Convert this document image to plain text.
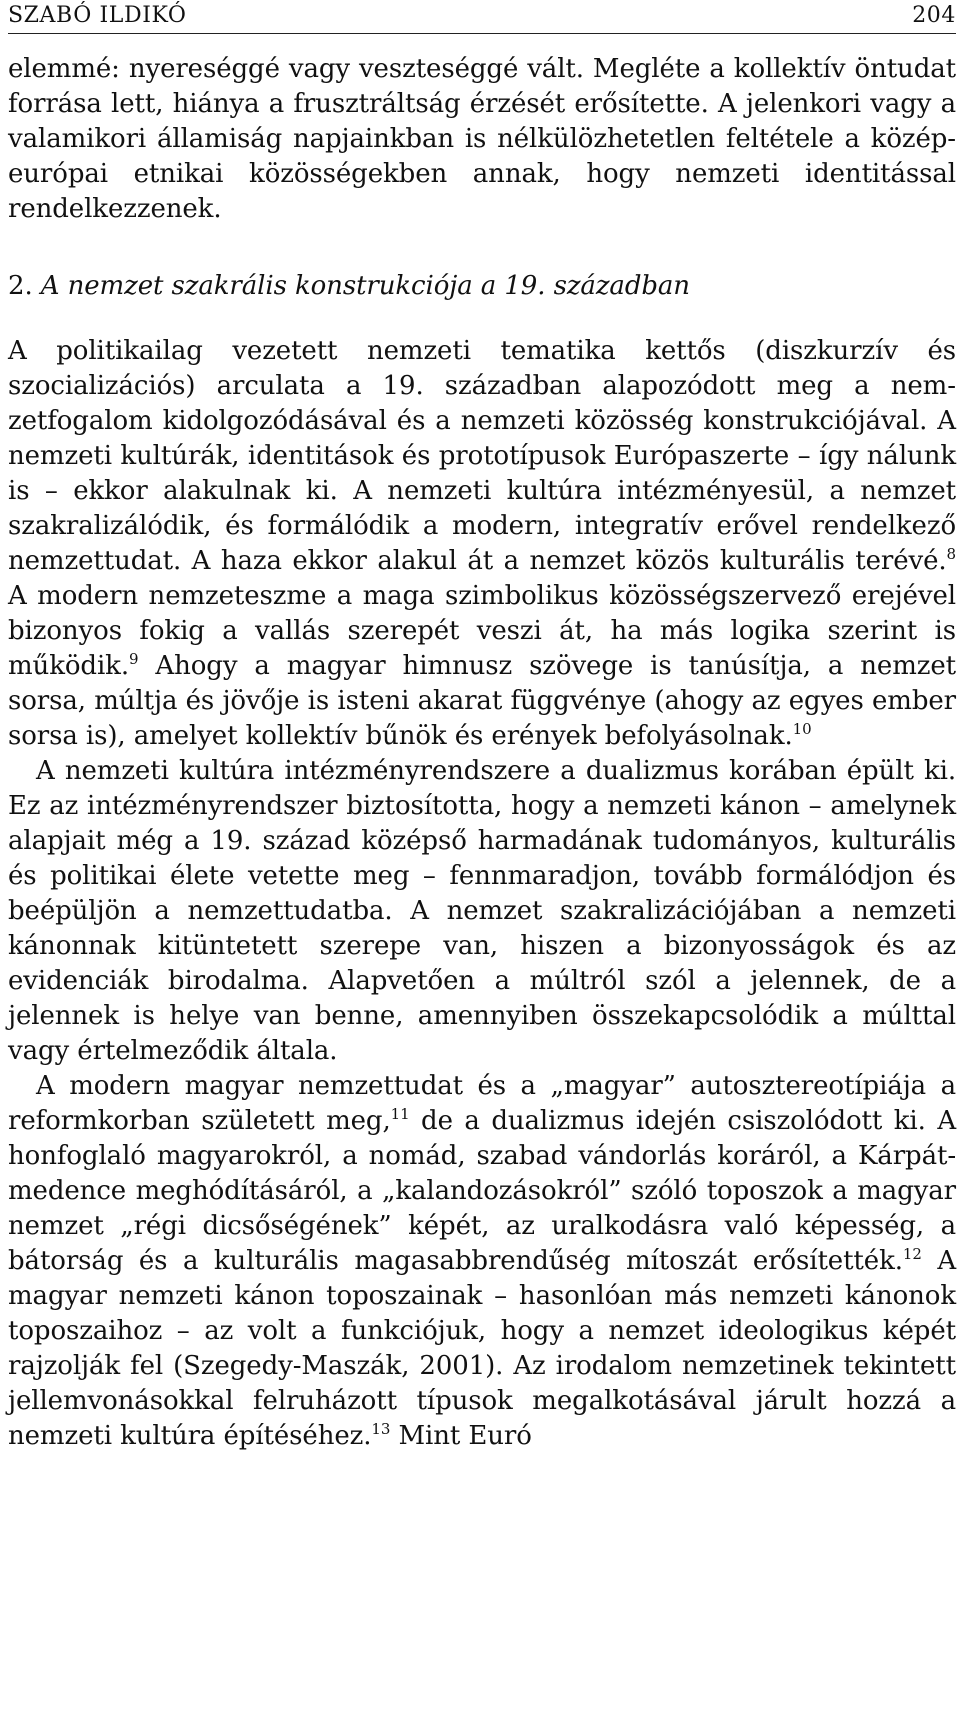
SZABÓ ILDIKÓ	204

elemmé: nyereséggé vagy veszteséggé vált. Megléte a kollektív öntudat forrása lett, hiánya a frusztráltság érzését erősítette. A jelenkori vagy a valamikori államiság napjainkban is nélkülözhetetlen feltétele a közép-európai etnikai közösségekben annak, hogy nemzeti identitással rendelkezzenek.

2. A nemzet szakrális konstrukciója a 19. században

A politikailag vezetett nemzeti tematika kettős (diszkurzív és szocializációs) arculata a 19. században alapozódott meg a nemzetfogalom kidolgozódásával és a nemzeti közösség konstrukciójával. A nemzeti kultúrák, identitások és prototípusok Európaszerte – így nálunk is – ekkor alakulnak ki. A nemzeti kultúra intézményesül, a nemzet szakralizálódik, és formálódik a modern, integratív erővel rendelkező nemzettudat. A haza ekkor alakul át a nemzet közös kulturális terévé.$^8$ A modern nemzeteszme a maga szimbolikus közösségszervező erejével bizonyos fokig a vallás szerepét veszi át, ha más logika szerint is működik.$^9$ Ahogy a magyar himnusz szövege is tanúsítja, a nemzet sorsa, múltja és jövője is isteni akarat függvénye (ahogy az egyes ember sorsa is), amelyet kollektív bűnök és erények befolyásolnak.$^{10}$

A nemzeti kultúra intézményrendszere a dualizmus korában épült ki. Ez az intézményrendszer biztosította, hogy a nemzeti kánon – amelynek alapjait még a 19. század középső harmadának tudományos, kulturális és politikai élete vetette meg – fennmaradjon, tovább formálódjon és beépüljön a nemzettudatba. A nemzet szakralizációjában a nemzeti kánonnak kitüntetett szerepe van, hiszen a bizonyosságok és az evidenciák birodalma. Alapvetően a múltról szól a jelennek, de a jelennek is helye van benne, amennyiben összekapcsolódik a múlttal vagy értelmeződik általa.

A modern magyar nemzettudat és a „magyar” autosztereotípiája a reformkorban született meg,$^{11}$ de a dualizmus idején csiszolódott ki. A honfoglaló magyarokról, a nomád, szabad vándorlás koráról, a Kárpát-medence meghódításáról, a „kalandozásokról” szóló toposzok a magyar nemzet „régi dicsőségének” képét, az uralkodásra való képesség, a bátorság és a kulturális magasabbrendűség mítoszát erősítették.$^{12}$ A magyar nemzeti kánon toposzainak – hasonlóan más nemzeti kánonok toposzaihoz – az volt a funkciójuk, hogy a nemzet ideologikus képét rajzolják fel (Szegedy-Maszák, 2001). Az irodalom nemzetinek tekintett jellemvonásokkal felruházott típusok megalkotásával járult hozzá a nemzeti kultúra építéséhez.$^{13}$ Mint Euró
